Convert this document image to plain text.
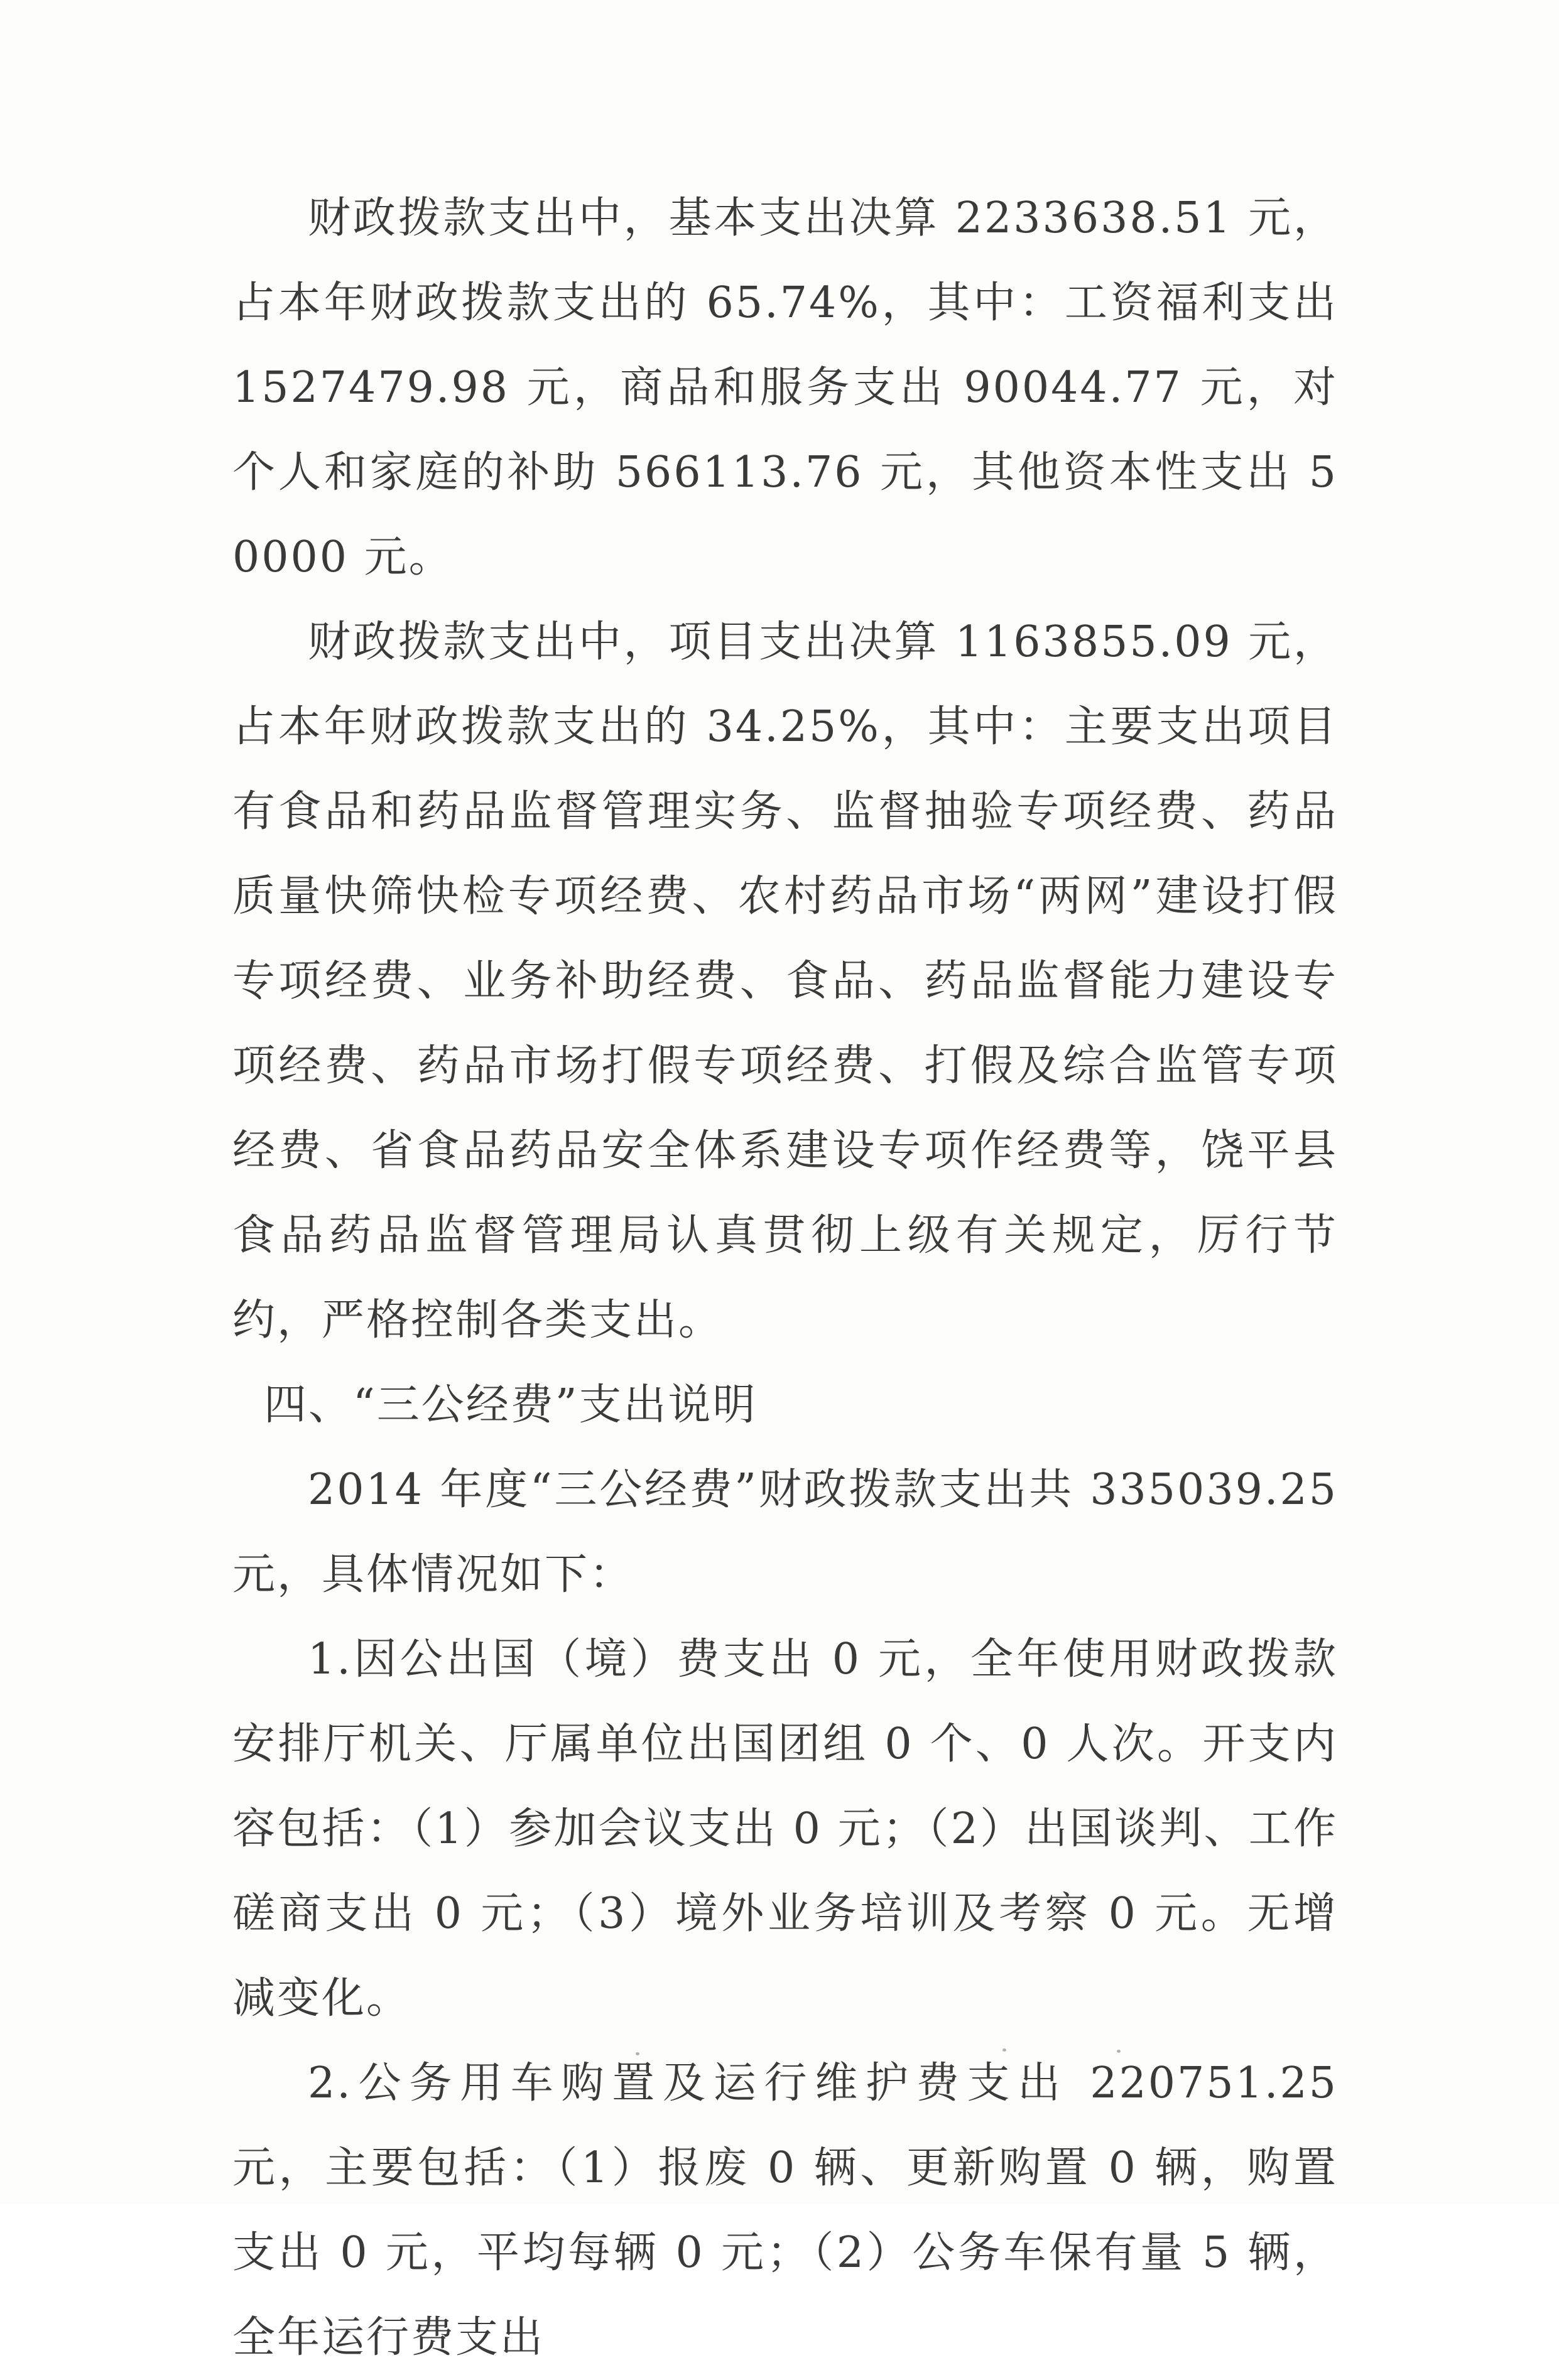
财政拨款支出中，基本支出决算 2233638.51 元，占本年财政拨款支出的 65.74%，其中：工资福利支出 1527479.98 元，商品和服务支出 90044.77 元，对个人和家庭的补助 566113.76 元，其他资本性支出 50000 元。

财政拨款支出中，项目支出决算 1163855.09 元，占本年财政拨款支出的 34.25%，其中：主要支出项目有食品和药品监督管理实务、监督抽验专项经费、药品质量快筛快检专项经费、农村药品市场“两网”建设打假专项经费、业务补助经费、食品、药品监督能力建设专项经费、药品市场打假专项经费、打假及综合监管专项经费、省食品药品安全体系建设专项作经费等，饶平县食品药品监督管理局认真贯彻上级有关规定，厉行节约，严格控制各类支出。

四、“三公经费”支出说明

2014 年度“三公经费”财政拨款支出共 335039.25 元，具体情况如下：

1.因公出国（境）费支出 0 元，全年使用财政拨款安排厅机关、厅属单位出国团组 0 个、0 人次。开支内容包括：（1）参加会议支出 0 元；（2）出国谈判、工作磋商支出 0 元；（3）境外业务培训及考察 0 元。无增减变化。

2.公务用车购置及运行维护费支出 220751.25 元，主要包括：（1）报废 0 辆、更新购置 0 辆，购置支出 0 元，平均每辆 0 元；（2）公务车保有量 5 辆，全年运行费支出
